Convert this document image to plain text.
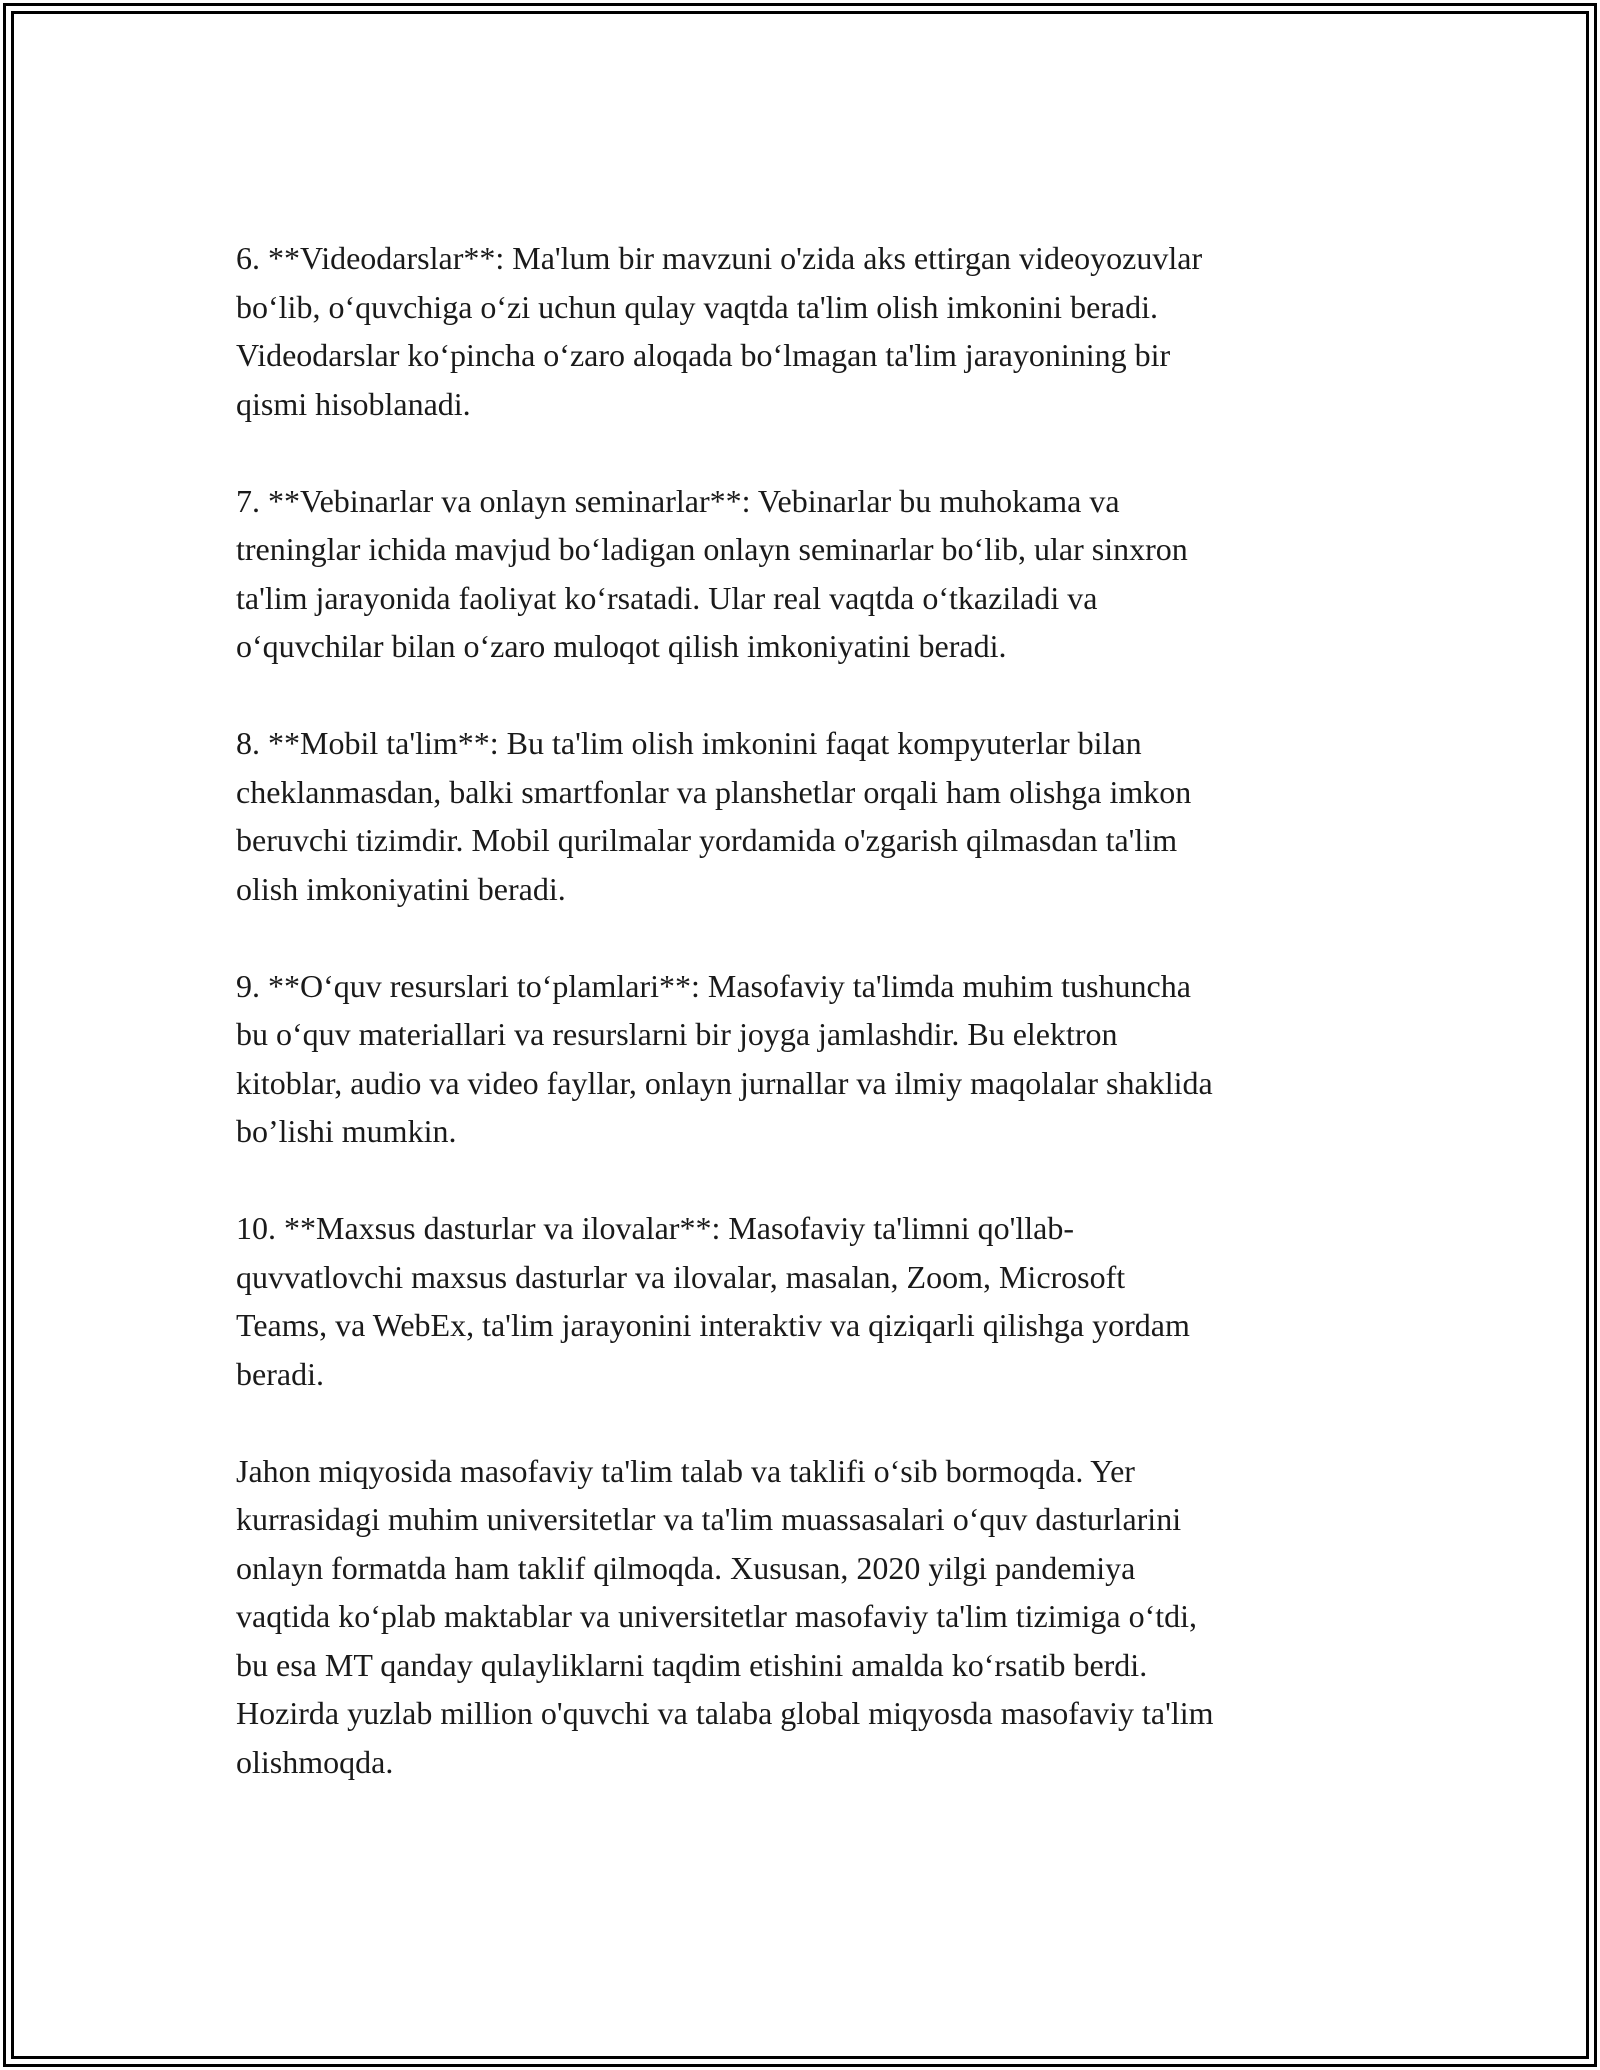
6. **Videodarslar**: Ma'lum bir mavzuni o'zida aks ettirgan videoyozuvlar
bo‘lib, o‘quvchiga o‘zi uchun qulay vaqtda ta'lim olish imkonini beradi.
Videodarslar ko‘pincha o‘zaro aloqada bo‘lmagan ta'lim jarayonining bir
qismi hisoblanadi.

7. **Vebinarlar va onlayn seminarlar**: Vebinarlar bu muhokama va
treninglar ichida mavjud bo‘ladigan onlayn seminarlar bo‘lib, ular sinxron
ta'lim jarayonida faoliyat ko‘rsatadi. Ular real vaqtda o‘tkaziladi va
o‘quvchilar bilan o‘zaro muloqot qilish imkoniyatini beradi.

8. **Mobil ta'lim**: Bu ta'lim olish imkonini faqat kompyuterlar bilan
cheklanmasdan, balki smartfonlar va planshetlar orqali ham olishga imkon
beruvchi tizimdir. Mobil qurilmalar yordamida o'zgarish qilmasdan ta'lim
olish imkoniyatini beradi.

9. **O‘quv resurslari to‘plamlari**: Masofaviy ta'limda muhim tushuncha
bu o‘quv materiallari va resurslarni bir joyga jamlashdir. Bu elektron
kitoblar, audio va video fayllar, onlayn jurnallar va ilmiy maqolalar shaklida
bo’lishi mumkin.

10. **Maxsus dasturlar va ilovalar**: Masofaviy ta'limni qo'llab-
quvvatlovchi maxsus dasturlar va ilovalar, masalan, Zoom, Microsoft
Teams, va WebEx, ta'lim jarayonini interaktiv va qiziqarli qilishga yordam
beradi.

Jahon miqyosida masofaviy ta'lim talab va taklifi o‘sib bormoqda. Yer
kurrasidagi muhim universitetlar va ta'lim muassasalari o‘quv dasturlarini
onlayn formatda ham taklif qilmoqda. Xususan, 2020 yilgi pandemiya
vaqtida ko‘plab maktablar va universitetlar masofaviy ta'lim tizimiga o‘tdi,
bu esa MT qanday qulayliklarni taqdim etishini amalda ko‘rsatib berdi.
Hozirda yuzlab million o'quvchi va talaba global miqyosda masofaviy ta'lim
olishmoqda.
